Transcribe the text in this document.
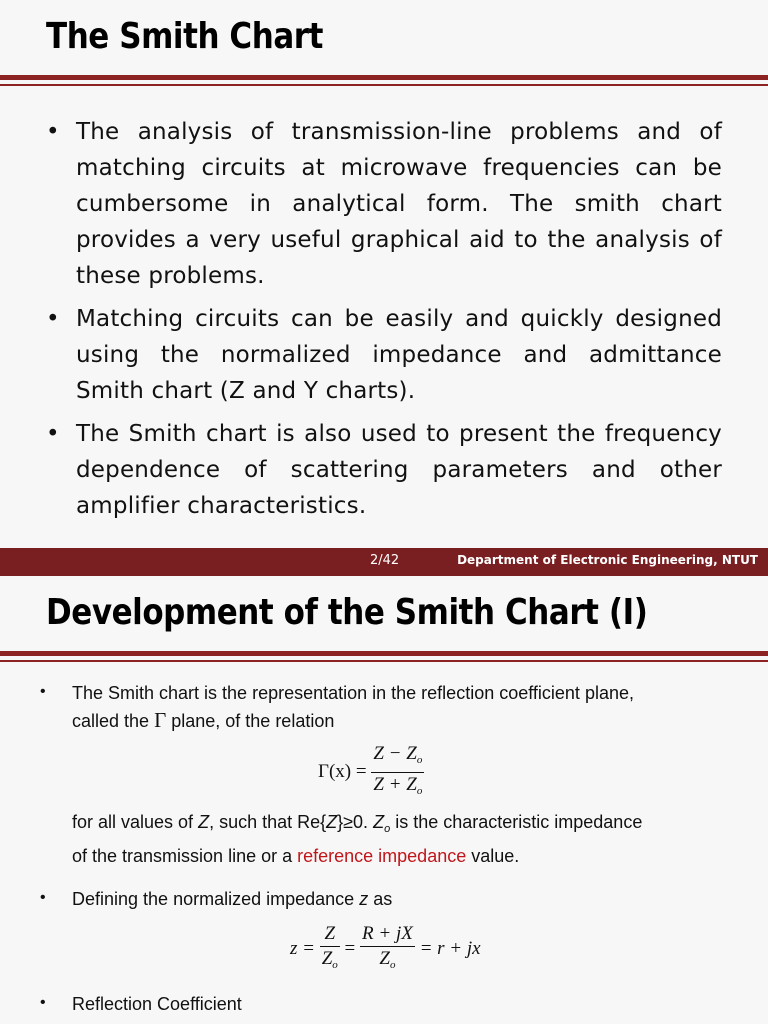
The Smith Chart
• The analysis of transmission-line problems and of matching circuits at microwave frequencies can be cumbersome in analytical form. The smith chart provides a very useful graphical aid to the analysis of these problems.
• Matching circuits can be easily and quickly designed using the normalized impedance and admittance Smith chart (Z and Y charts).
• The Smith chart is also used to present the frequency dependence of scattering parameters and other amplifier characteristics.
2/42	Department of Electronic Engineering, NTUT
Development of the Smith Chart (I)
• The Smith chart is the representation in the reflection coefficient plane,
called the Γ plane, of the relation
$\Gamma(x) = \frac{Z - Z_o}{Z + Z_o}$
for all values of Z, such that Re{Z}≥0. $Z_o$ is the characteristic impedance
of the transmission line or a reference impedance value.
• Defining the normalized impedance z as
$z = \frac{Z}{Z_o} = \frac{R + jX}{Z_o} = r$ + jx
• Reflection Coefficient
